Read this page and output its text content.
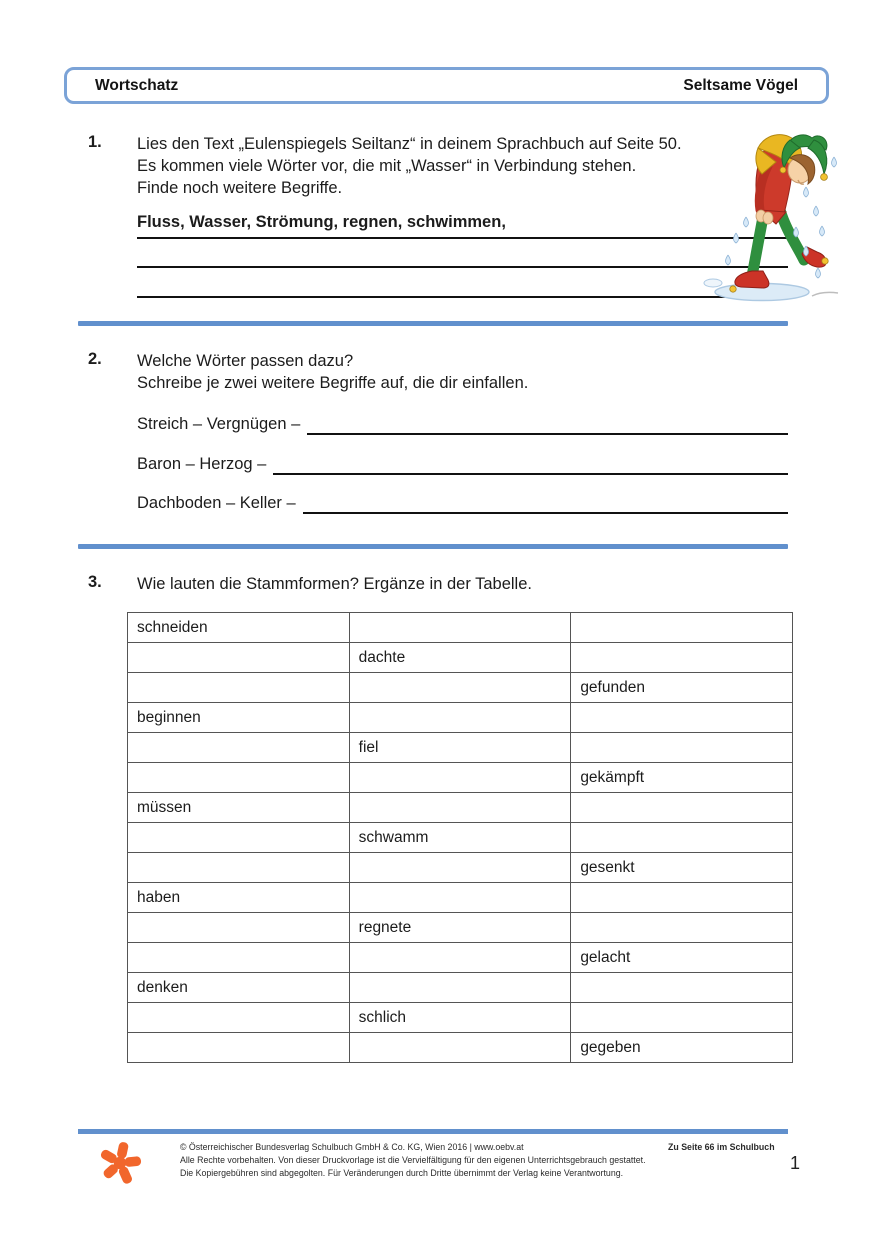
Wortschatz	Seltsame Vögel
1. Lies den Text „Eulenspiegels Seiltanz“ in deinem Sprachbuch auf Seite 50.
Es kommen viele Wörter vor, die mit „Wasser“ in Verbindung stehen.
Finde noch weitere Begriffe.
Fluss, Wasser, Strömung, regnen, schwimmen,
2. Welche Wörter passen dazu?
Schreibe je zwei weitere Begriffe auf, die dir einfallen.
Streich – Vergnügen –
Baron – Herzog –
Dachboden – Keller –
3. Wie lauten die Stammformen? Ergänze in der Tabelle.
schneiden		
	dachte	
		gefunden
beginnen		
	fiel	
		gekämpft
müssen		
	schwamm	
		gesenkt
haben		
	regnete	
		gelacht
denken		
	schlich	
		gegeben
© Österreichischer Bundesverlag Schulbuch GmbH & Co. KG, Wien 2016 | www.oebv.at
Alle Rechte vorbehalten. Von dieser Druckvorlage ist die Vervielfältigung für den eigenen Unterrichtsgebrauch gestattet.
Die Kopiergebühren sind abgegolten. Für Veränderungen durch Dritte übernimmt der Verlag keine Verantwortung.
Zu Seite 66 im Schulbuch
1
